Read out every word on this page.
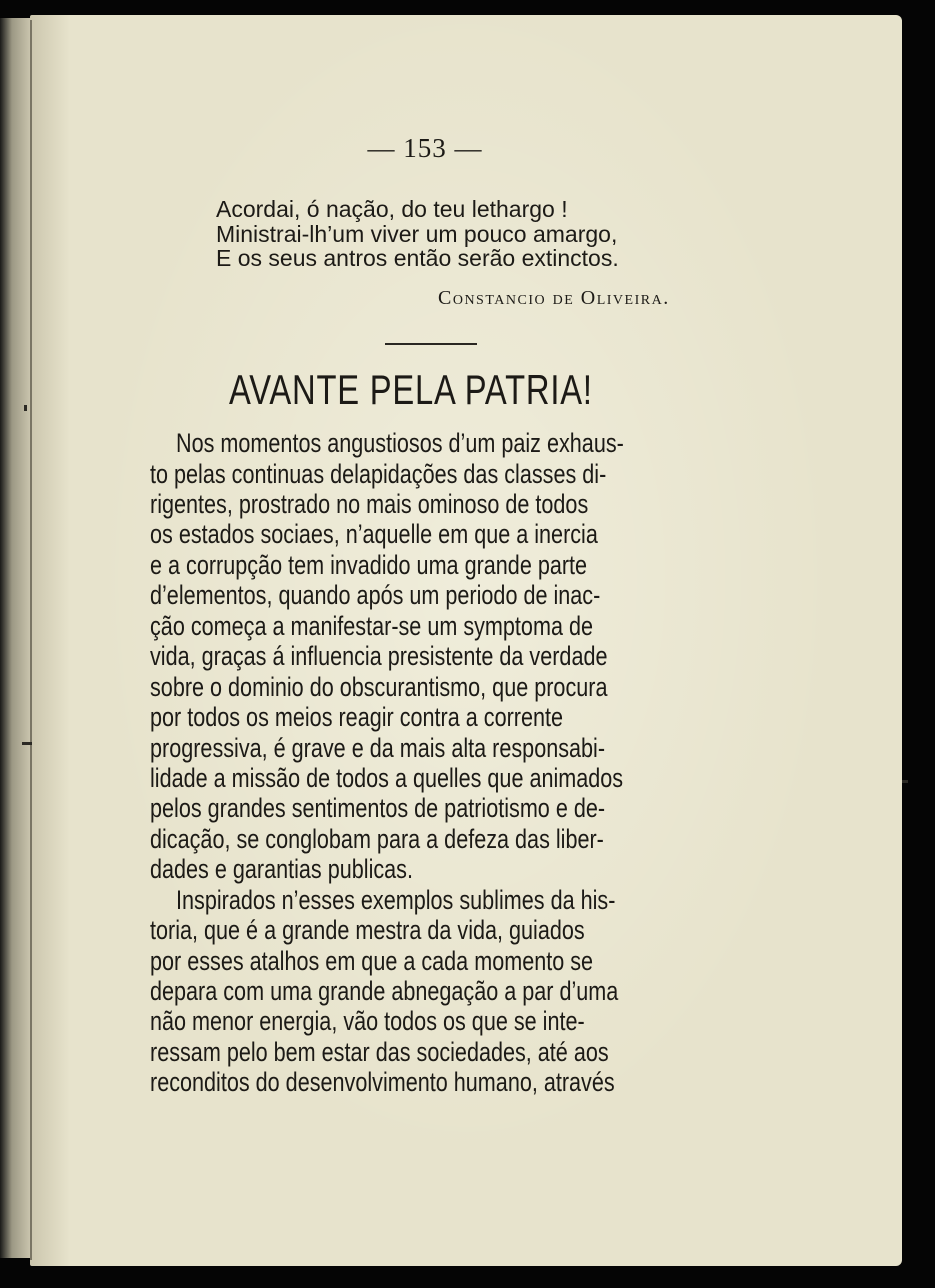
— 153 —
Acordai, ó nação, do teu lethargo !
Ministrai-lh’um viver um pouco amargo,
E os seus antros então serão extinctos.
Constancio de Oliveira.
AVANTE PELA PATRIA!
Nos momentos angustiosos d’um paiz exhaus-
to pelas continuas delapidações das classes di-
rigentes, prostrado no mais ominoso de todos
os estados sociaes, n’aquelle em que a inercia
e a corrupção tem invadido uma grande parte
d’elementos, quando após um periodo de inac-
ção começa a manifestar-se um symptoma de
vida, graças á influencia presistente da verdade
sobre o dominio do obscurantismo, que procura
por todos os meios reagir contra a corrente
progressiva, é grave e da mais alta responsabi-
lidade a missão de todos a quelles que animados
pelos grandes sentimentos de patriotismo e de-
dicação, se conglobam para a defeza das liber-
dades e garantias publicas.
Inspirados n’esses exemplos sublimes da his-
toria, que é a grande mestra da vida, guiados
por esses atalhos em que a cada momento se
depara com uma grande abnegação a par d’uma
não menor energia, vão todos os que se inte-
ressam pelo bem estar das sociedades, até aos
reconditos do desenvolvimento humano, através
